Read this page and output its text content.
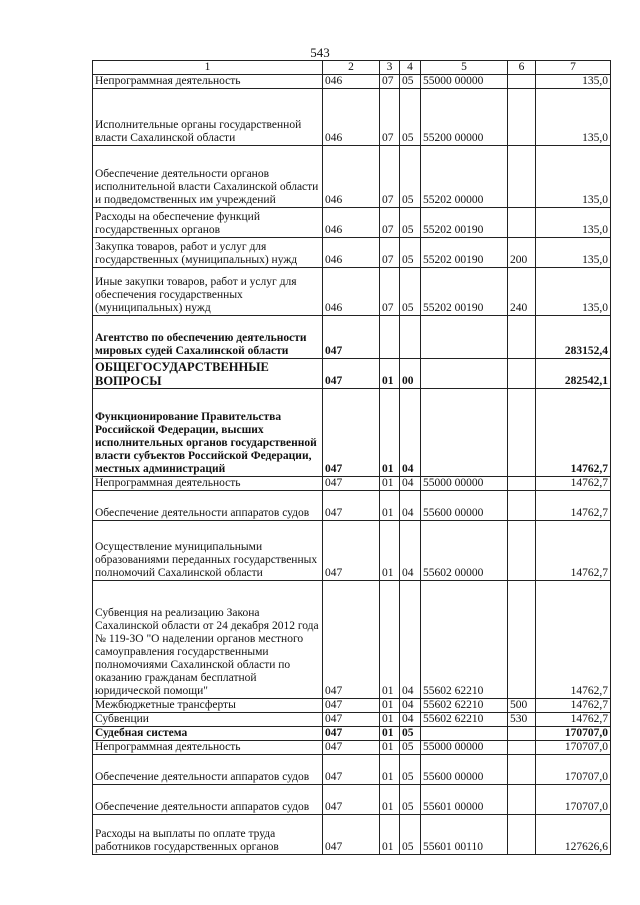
543
1	2	3	4	5	6	7
Непрограммная деятельность	046	07	05	55000 00000		135,0
Исполнительные органы государственной власти Сахалинской области	046	07	05	55200 00000		135,0
Обеспечение деятельности органов исполнительной власти Сахалинской области и подведомственных им учреждений	046	07	05	55202 00000		135,0
Расходы на обеспечение функций государственных органов	046	07	05	55202 00190		135,0
Закупка товаров, работ и услуг для государственных (муниципальных) нужд	046	07	05	55202 00190	200	135,0
Иные закупки товаров, работ и услуг для обеспечения государственных (муниципальных) нужд	046	07	05	55202 00190	240	135,0
Агентство по обеспечению деятельности мировых судей Сахалинской области	047					283152,4
ОБЩЕГОСУДАРСТВЕННЫЕ ВОПРОСЫ	047	01	00			282542,1
Функционирование Правительства Российской Федерации, высших исполнительных органов государственной власти субъектов Российской Федерации, местных администраций	047	01	04			14762,7
Непрограммная деятельность	047	01	04	55000 00000		14762,7
Обеспечение деятельности аппаратов судов	047	01	04	55600 00000		14762,7
Осуществление муниципальными образованиями переданных государственных полномочий Сахалинской области	047	01	04	55602 00000		14762,7
Субвенция на реализацию Закона Сахалинской области от 24 декабря 2012 года № 119-ЗО "О наделении органов местного самоуправления государственными полномочиями Сахалинской области по оказанию гражданам бесплатной юридической помощи"	047	01	04	55602 62210		14762,7
Межбюджетные трансферты	047	01	04	55602 62210	500	14762,7
Субвенции	047	01	04	55602 62210	530	14762,7
Судебная система	047	01	05			170707,0
Непрограммная деятельность	047	01	05	55000 00000		170707,0
Обеспечение деятельности аппаратов судов	047	01	05	55600 00000		170707,0
Обеспечение деятельности аппаратов судов	047	01	05	55601 00000		170707,0
Расходы на выплаты по оплате труда работников государственных органов	047	01	05	55601 00110		127626,6
